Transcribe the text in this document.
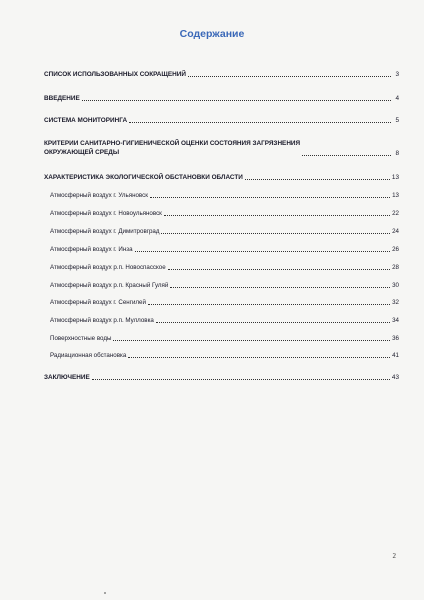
Содержание
СПИСОК ИСПОЛЬЗОВАННЫХ СОКРАЩЕНИЙ	3
ВВЕДЕНИЕ	4
СИСТЕМА МОНИТОРИНГА	5
КРИТЕРИИ САНИТАРНО-ГИГИЕНИЧЕСКОЙ ОЦЕНКИ СОСТОЯНИЯ ЗАГРЯЗНЕНИЯ
ОКРУЖАЮЩЕЙ СРЕДЫ	8
ХАРАКТЕРИСТИКА ЭКОЛОГИЧЕСКОЙ ОБСТАНОВКИ ОБЛАСТИ	13
Атмосферный воздух г. Ульяновск	13
Атмосферный воздух г. Новоульяновск	22
Атмосферный воздух г. Димитровград	24
Атмосферный воздух г. Инза	26
Атмосферный воздух р.п. Новоспасское	28
Атмосферный воздух р.п. Красный Гуляй	30
Атмосферный воздух г. Сенгилей	32
Атмосферный воздух р.п. Мулловка	34
Поверхностные воды	36
Радиационная обстановка	41
ЗАКЛЮЧЕНИЕ	43
2
